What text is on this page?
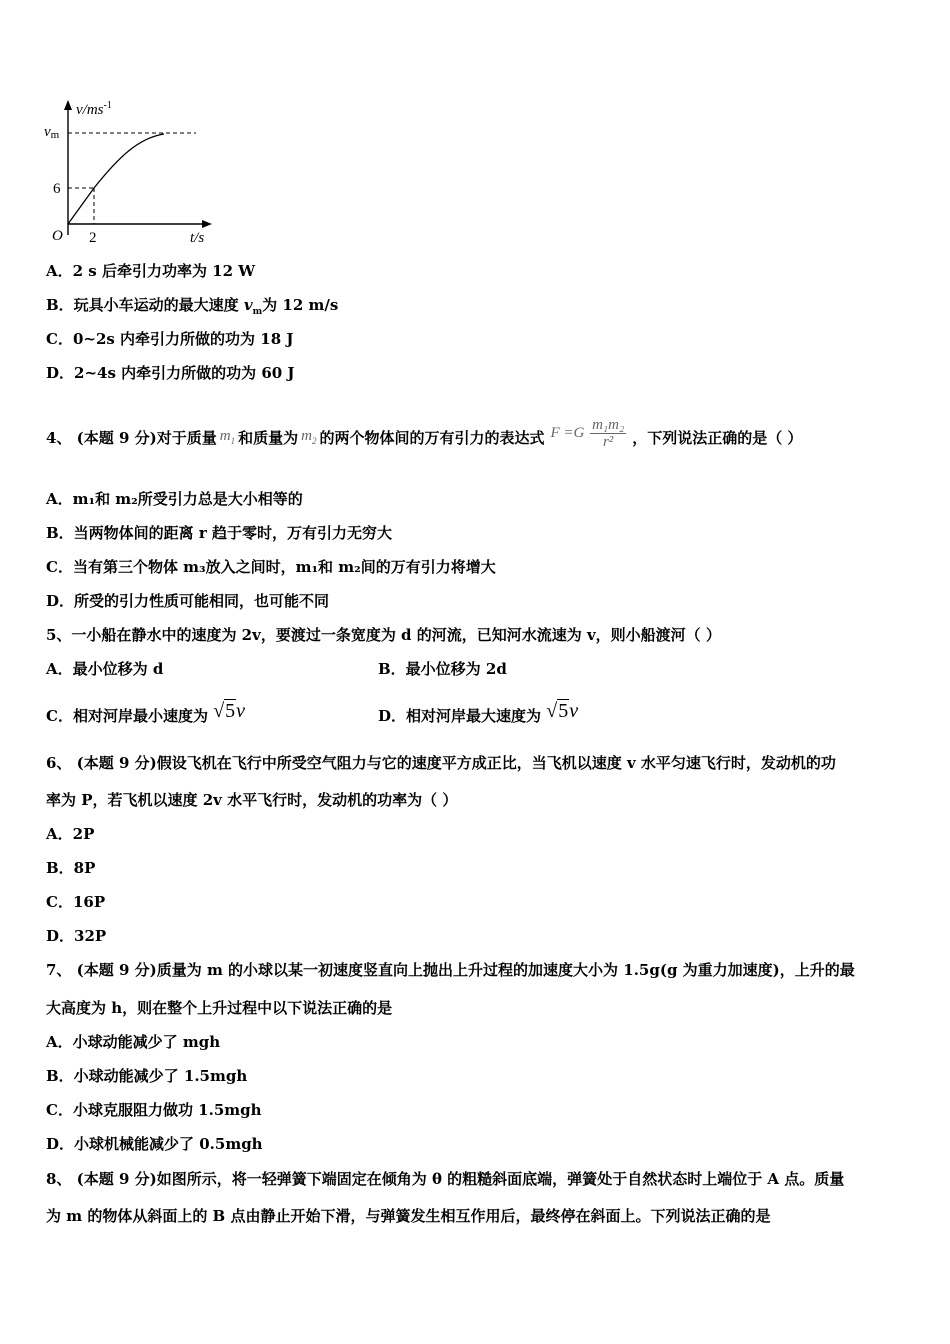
$v/ms^{-1}$
vm
6
O 2	t/s
A．2 s 后牵引力功率为 12 W
B．玩具小车运动的最大速度 $v_m$为 12 m/s
C．0~2s 内牵引力所做的功为 18 J
D．2~4s 内牵引力所做的功为 60 J
4、 (本题 9 分)对于质量 $m_1$ 和质量为 $m_2$ 的两个物体间的万有引力的表达式 $F =G \frac{\text{m₁m₂}}{\text{r²}}$ ，下列说法正确的是（ ）
A．m₁和 m₂所受引力总是大小相等的
B．当两物体间的距离 r 趋于零时，万有引力无穷大
C．当有第三个物体 m₃放入之间时，m₁和 m₂间的万有引力将增大
D．所受的引力性质可能相同，也可能不同
5、一小船在静水中的速度为 2v，要渡过一条宽度为 d 的河流，已知河水流速为 v，则小船渡河（ ）
A．最小位移为 d	B．最小位移为 2d
C．相对河岸最小速度为 √5v	D．相对河岸最大速度为 √5v
6、 (本题 9 分)假设飞机在飞行中所受空气阻力与它的速度平方成正比，当飞机以速度 v 水平匀速飞行时，发动机的功
率为 P，若飞机以速度 2v 水平飞行时，发动机的功率为（ ）
A．2P
B．8P
C．16P
D．32P
7、 (本题 9 分)质量为 m 的小球以某一初速度竖直向上抛出上升过程的加速度大小为 1.5g(g 为重力加速度)，上升的最
大高度为 h，则在整个上升过程中以下说法正确的是
A．小球动能减少了 mgh
B．小球动能减少了 1.5mgh
C．小球克服阻力做功 1.5mgh
D．小球机械能减少了 0.5mgh
8、 (本题 9 分)如图所示，将一轻弹簧下端固定在倾角为 θ 的粗糙斜面底端，弹簧处于自然状态时上端位于 A 点。质量
为 m 的物体从斜面上的 B 点由静止开始下滑，与弹簧发生相互作用后，最终停在斜面上。下列说法正确的是
